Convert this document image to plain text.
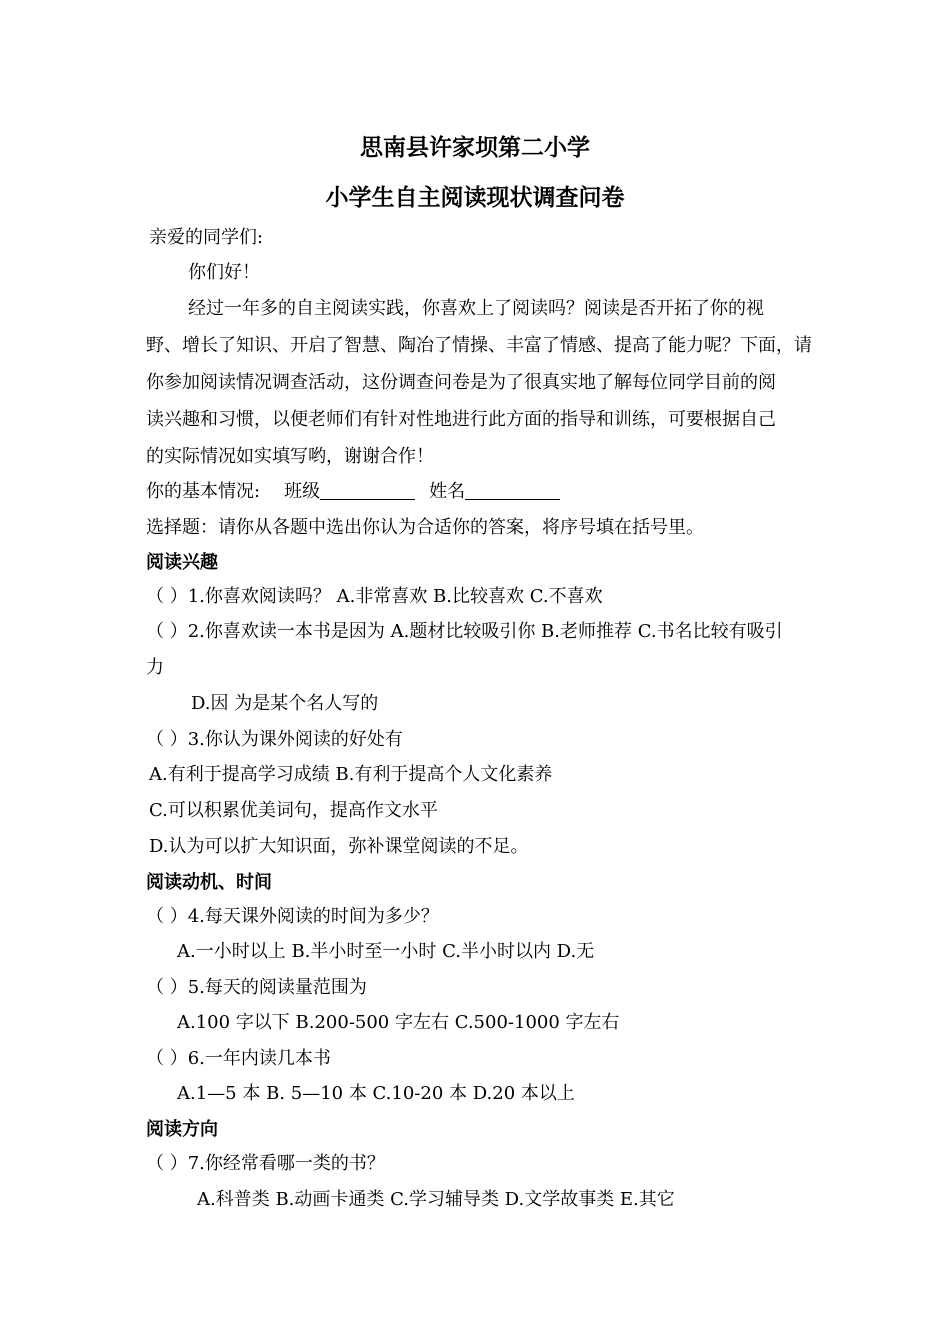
思南县许家坝第二小学
小学生自主阅读现状调查问卷
亲爱的同学们:
你们好！
经过一年多的自主阅读实践，你喜欢上了阅读吗？阅读是否开拓了你的视
野、增长了知识、开启了智慧、陶冶了情操、丰富了情感、提高了能力呢？下面，请
你参加阅读情况调查活动，这份调查问卷是为了很真实地了解每位同学目前的阅
读兴趣和习惯，以便老师们有针对性地进行此方面的指导和训练，可要根据自己
的实际情况如实填写哟，谢谢合作！
你的基本情况: 班级	姓名
选择题：请你从各题中选出你认为合适你的答案，将序号填在括号里。
阅读兴趣
（ ）1.你喜欢阅读吗？ A.非常喜欢 B.比较喜欢 C.不喜欢
（ ）2.你喜欢读一本书是因为 A.题材比较吸引你 B.老师推荐 C.书名比较有吸引
力
D.因 为是某个名人写的
（ ）3.你认为课外阅读的好处有
A.有利于提高学习成绩 B.有利于提高个人文化素养
C.可以积累优美词句，提高作文水平
D.认为可以扩大知识面，弥补课堂阅读的不足。
阅读动机、时间
（ ）4.每天课外阅读的时间为多少？
A.一小时以上 B.半小时至一小时 C.半小时以内 D.无
（ ）5.每天的阅读量范围为
A.100 字以下 B.200-500 字左右 C.500-1000 字左右
（ ）6.一年内读几本书
A.1—5 本 B. 5—10 本 C.10-20 本 D.20 本以上
阅读方向
（ ）7.你经常看哪一类的书？
A.科普类 B.动画卡通类 C.学习辅导类 D.文学故事类 E.其它
